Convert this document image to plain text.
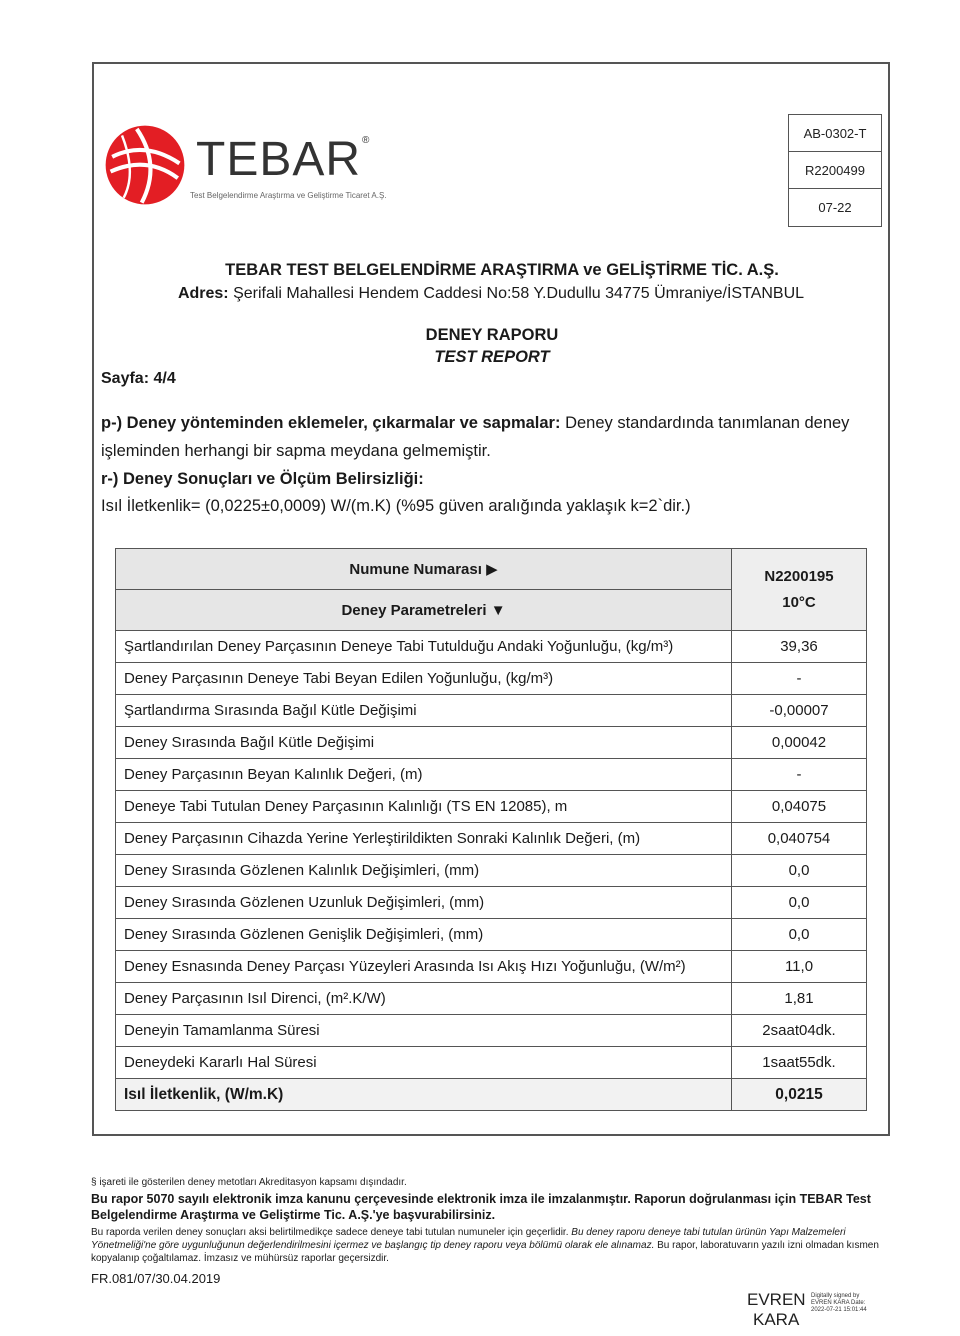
TEBAR®
Test Belgelendirme Araştırma ve Geliştirme Ticaret A.Ş.
AB-0302-T
R2200499
07-22
TEBAR TEST BELGELENDİRME ARAŞTIRMA ve GELİŞTİRME TİC. A.Ş.
Adres: Şerifali Mahallesi Hendem Caddesi No:58 Y.Dudullu 34775 Ümraniye/İSTANBUL
DENEY RAPORU
TEST REPORT
Sayfa: 4/4
p-) Deney yönteminden eklemeler, çıkarmalar ve sapmalar: Deney standardında tanımlanan deney işleminden herhangi bir sapma meydana gelmemiştir.
r-) Deney Sonuçları ve Ölçüm Belirsizliği:
Isıl İletkenlik= (0,0225±0,0009) W/(m.K) (%95 güven aralığında yaklaşık k=2`dir.)
Numune Numarası ▶	N2200195
10°C

Deney Parametreleri ▼	
Şartlandırılan Deney Parçasının Deneye Tabi Tutulduğu Andaki Yoğunluğu, (kg/m³)	39,36
Deney Parçasının Deneye Tabi Beyan Edilen Yoğunluğu, (kg/m³)	-
Şartlandırma Sırasında Bağıl Kütle Değişimi	-0,00007
Deney Sırasında Bağıl Kütle Değişimi	0,00042
Deney Parçasının Beyan Kalınlık Değeri, (m)	-
Deneye Tabi Tutulan Deney Parçasının Kalınlığı (TS EN 12085), m	0,04075
Deney Parçasının Cihazda Yerine Yerleştirildikten Sonraki Kalınlık Değeri, (m)	0,040754
Deney Sırasında Gözlenen Kalınlık Değişimleri, (mm)	0,0
Deney Sırasında Gözlenen Uzunluk Değişimleri, (mm)	0,0
Deney Sırasında Gözlenen Genişlik Değişimleri, (mm)	0,0
Deney Esnasında Deney Parçası Yüzeyleri Arasında Isı Akış Hızı Yoğunluğu, (W/m²)	11,0
Deney Parçasının Isıl Direnci, (m².K/W)	1,81
Deneyin Tamamlanma Süresi	2saat04dk.
Deneydeki Kararlı Hal Süresi	1saat55dk.
Isıl İletkenlik, (W/m.K)	0,0215
§ işareti ile gösterilen deney metotları Akreditasyon kapsamı dışındadır.
Bu rapor 5070 sayılı elektronik imza kanunu çerçevesinde elektronik imza ile imzalanmıştır. Raporun doğrulanması için TEBAR Test Belgelendirme Araştırma ve Geliştirme Tic. A.Ş.'ye başvurabilirsiniz.
Bu raporda verilen deney sonuçları aksi belirtilmedikçe sadece deneye tabi tutulan numuneler için geçerlidir. Bu deney raporu deneye tabi tutulan ürünün Yapı Malzemeleri Yönetmeliği'ne göre uygunluğunun değerlendirilmesini içermez ve başlangıç tip deney raporu veya bölümü olarak ele alınamaz. Bu rapor, laboratuvarın yazılı izni olmadan kısmen kopyalanıp çoğaltılamaz. İmzasız ve mühürsüz raporlar geçersizdir.
FR.081/07/30.04.2019
EVREN
KARA
Digitally signed by EVREN KARA Date: 2022-07-21 15:01:44
